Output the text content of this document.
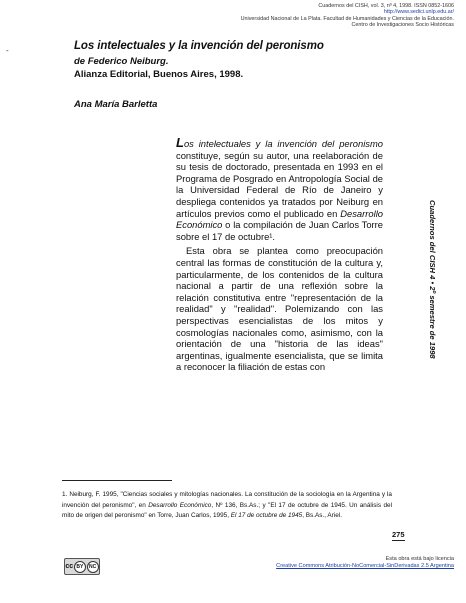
-
Cuadernos del CISH, vol. 3, nº 4, 1998. ISSN 0852-1606
http://www.sedici.unlp.edu.ar/
Universidad Nacional de La Plata. Facultad de Humanidades y Ciencias de la Educación.
Centro de Investigaciones Socio Históricas
Los intelectuales y la invención del peronismo
de Federico Neiburg.
Alianza Editorial, Buenos Aires, 1998.
Ana María Barletta

Los intelectuales y la invención del peronismo constituye, según su autor, una reelaboración de su tesis de doctorado, presentada en 1993 en el Programa de Posgrado en Antropología Social de la Universidad Federal de Río de Janeiro y despliega contenidos ya tratados por Neiburg en artículos previos como el publicado en Desarrollo Económico o la compilación de Juan Carlos Torre sobre el 17 de octubre¹.

Esta obra se plantea como preocupación central las formas de constitución de la cultura y, particularmente, de los contenidos de la cultura nacional a partir de una reflexión sobre la relación constitutiva entre "representación de la realidad" y "realidad". Polemizando con las perspectivas esencialistas de los mitos y cosmologías nacionales como, asimismo, con la orientación de una "historia de las ideas" argentinas, igualmente esencialista, que se limita a reconocer la filiación de estas con

Cuadernos del CISH 4 • 2º semestre de 1998
1. Neiburg, F. 1995, "Ciencias sociales y mitologías nacionales. La constitución de la sociología en la Argentina y la invención del peronismo", en Desarrollo Económico, Nº 136, Bs.As.; y "El 17 de octubre de 1945. Un análisis del mito de origen del peronismo" en Torre, Juan Carlos, 1995, El 17 de octubre de 1945, Bs.As., Ariel.
275
cc BY	NC
Esta obra está bajo licencia
Creative Commons Atribución-NoComercial-SinDerivadas 2.5 Argentina
